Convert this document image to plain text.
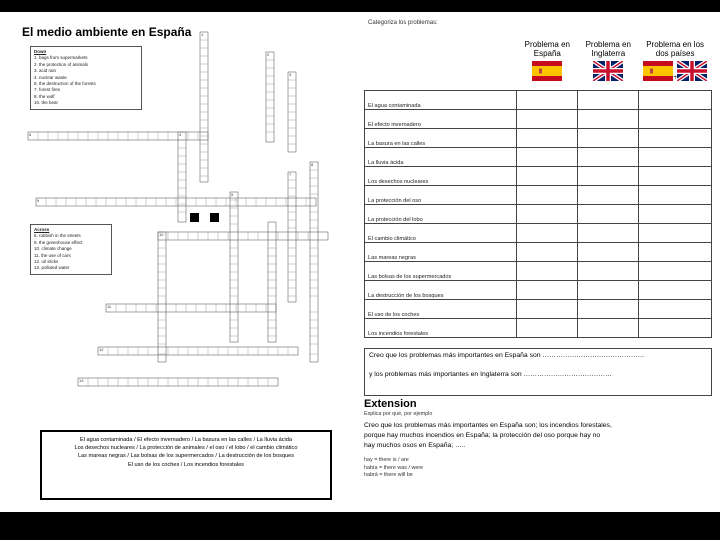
El medio ambiente en España 1
2
3
4
5
6
7
8
9
10
11
12
13
Down
1. bags from supermarkets
2. the protection of animals
3. acid rain
4. nuclear waste
5. the destruction of the forests
7. forest fires
8. the wolf
10. the bear
Across
6. rubbish in the streets
9. the greenhouse effect
10. climate change
11. the use of cars
12. oil slicks
13. polluted water
El agua contaminada / El efecto invernadero / La basura en las calles / La lluvia ácida
Los desechos nucleares / La protección de animales / el oso / el lobo / el cambio climático
Las mareas negras / Las bolsas de los supermercados / La destrucción de los bosques
El uso de los coches / Los incendios forestales
Categoriza los problemas:

	Problema en España	Problema en Inglaterra	Problema en los dos países
+
El agua contaminada			
El efecto invernadero			
La basura en las calles			
La lluvia ácida			
Los desechos nucleares			
La protección del oso			
La protección del lobo			
El cambio climático			
Las mareas negras			
Las bolsas de los supermercados			
La destrucción de los bosques			
El uso de los coches			
Los incendios forestales			
Creo que los problemas más importantes en España son ………………………………………
y los problemas más importantes en Inglaterra son …………………………………
Extension
Explica por qué, por ejemplo
Creo que los problemas más importantes en España son; los incendios forestales,
porque hay muchos incendios en España; la protección del oso porque hay no
hay muchos osos en España; …..
hay = there is / are
había = there was / were
habrá = there will be
